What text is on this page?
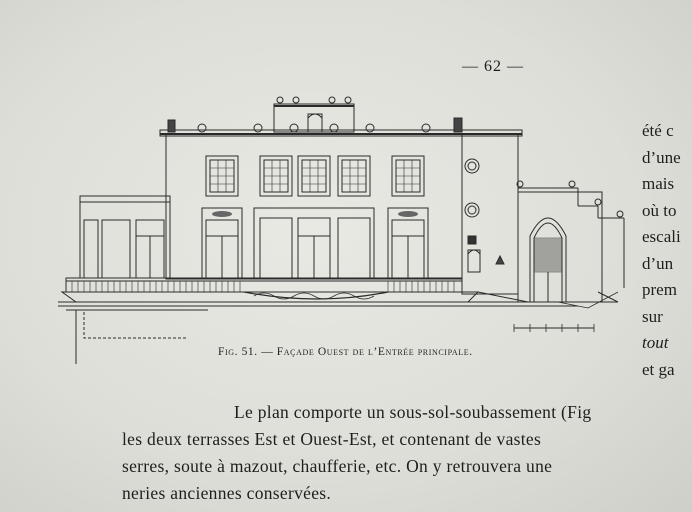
— 62 —
Fig. 51. — Façade Ouest de l’Entrée principale.
été c
d’une
mais
où to
escali
d’un
prem
sur
tout
et ga
Le plan comporte un sous-sol-soubassement (Fig
les deux terrasses Est et Ouest-Est, et contenant de vastes
serres, soute à mazout, chaufferie, etc. On y retrouvera une
neries anciennes conservées.
